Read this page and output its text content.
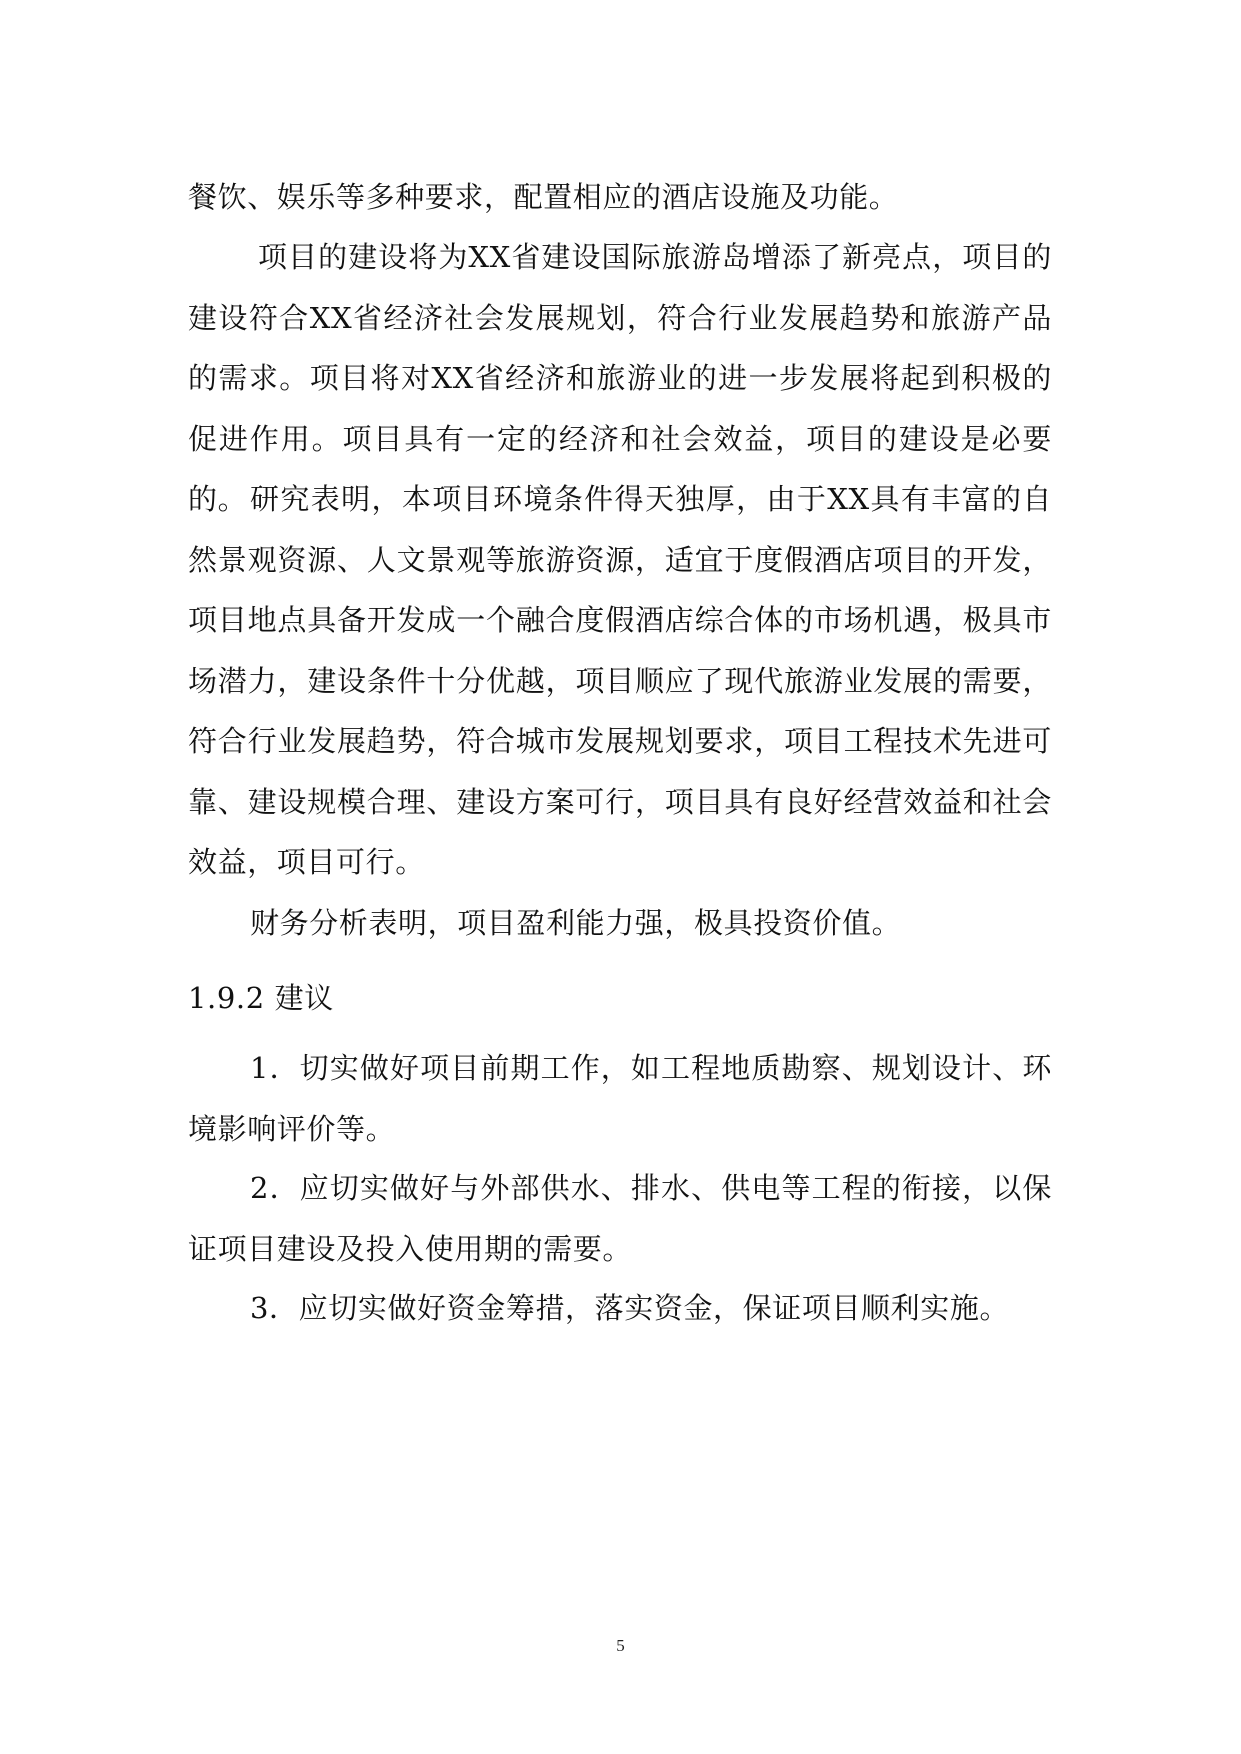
餐饮、娱乐等多种要求，配置相应的酒店设施及功能。

项目的建设将为XX省建设国际旅游岛增添了新亮点，项目的建设符合XX省经济社会发展规划，符合行业发展趋势和旅游产品的需求。项目将对XX省经济和旅游业的进一步发展将起到积极的促进作用。项目具有一定的经济和社会效益，项目的建设是必要的。 研究表明，本项目环境条件得天独厚，由于XX具有丰富的自然景观资源、人文景观等旅游资源，适宜于度假酒店项目的开发，项目地点具备开发成一个融合度假酒店综合体的市场机遇，极具市场潜力，建设条件十分优越，项目顺应了现代旅游业发展的需要，符合行业发展趋势，符合城市发展规划要求，项目工程技术先进可靠、建设规模合理、建设方案可行，项目具有良好经营效益和社会效益，项目可行。

财务分析表明，项目盈利能力强，极具投资价值。

1.9.2 建议

1．切实做好项目前期工作，如工程地质勘察、规划设计、环境影响评价等。

2．应切实做好与外部供水、排水、供电等工程的衔接，以保证项目建设及投入使用期的需要。

3．应切实做好资金筹措，落实资金，保证项目顺利实施。

5
